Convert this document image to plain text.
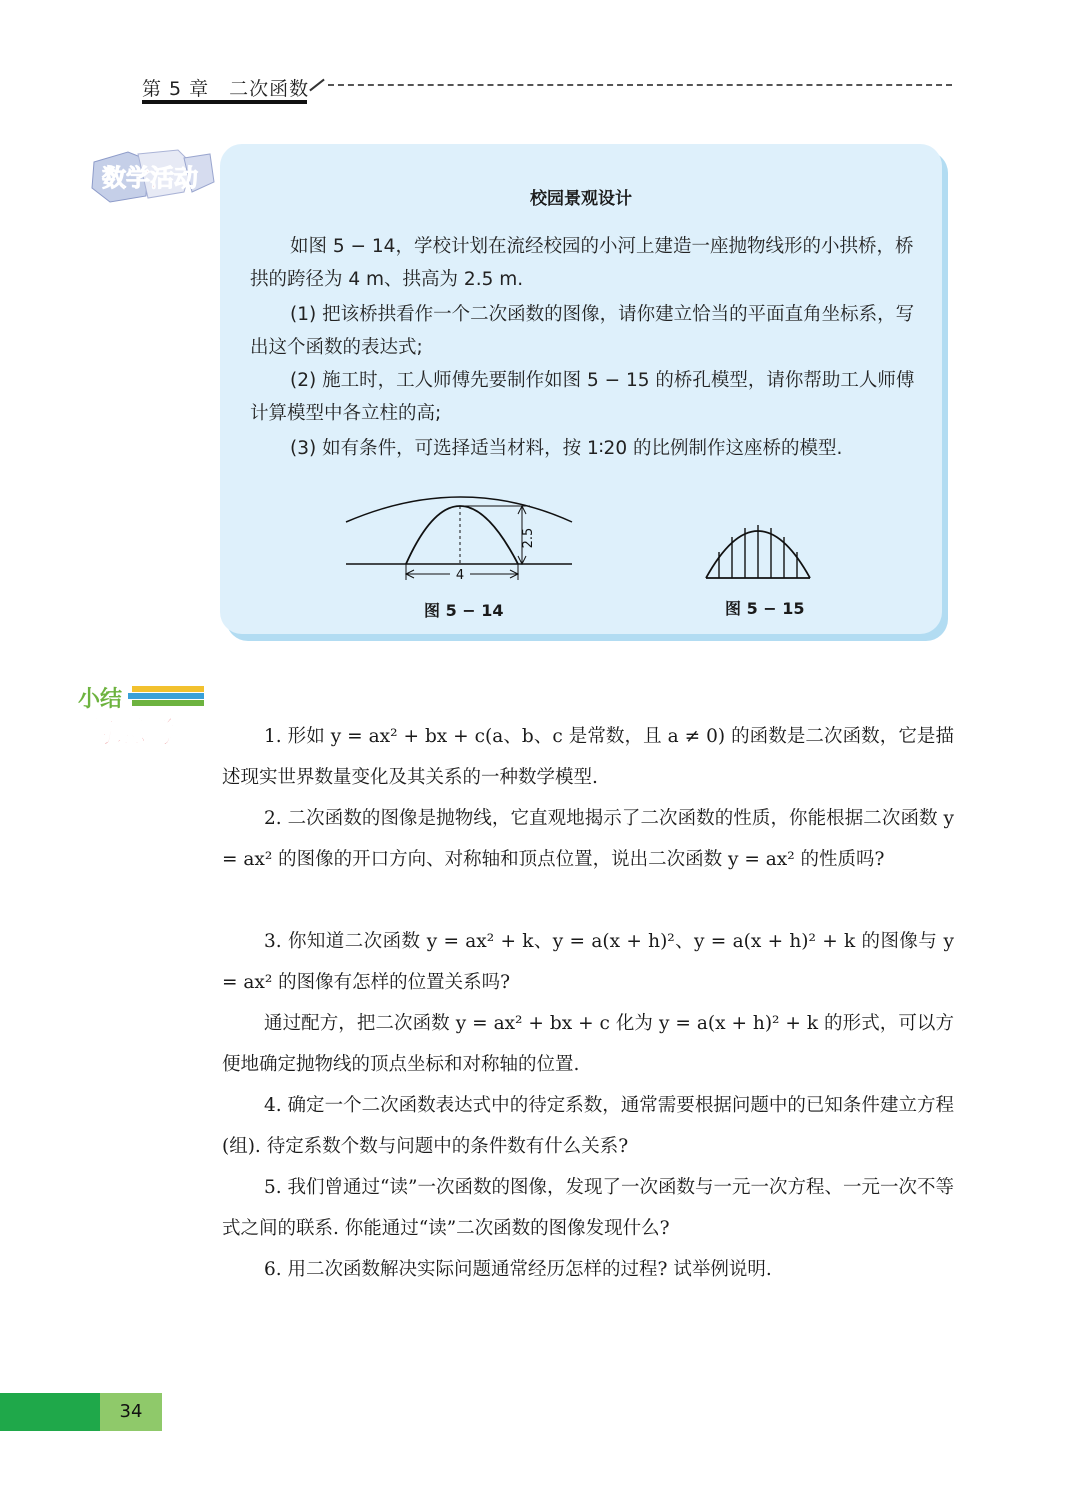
第 5 章　二次函数
数学活动
校园景观设计

如图 5 − 14，学校计划在流经校园的小河上建造一座抛物线形的小拱桥，桥拱的跨径为 4 m、拱高为 2.5 m.

(1) 把该桥拱看作一个二次函数的图像，请你建立恰当的平面直角坐标系，写出这个函数的表达式;

(2) 施工时，工人师傅先要制作如图 5 − 15 的桥孔模型，请你帮助工人师傅计算模型中各立柱的高;

(3) 如有条件，可选择适当材料，按 1∶20 的比例制作这座桥的模型.

2.5
4
图 5 − 14	图 5 − 15
小结
与思考	1. 形如 y = ax² + bx + c(a、b、c 是常数，且 a ≠ 0) 的函数是二次函数，它是描述现实世界数量变化及其关系的一种数学模型.

2. 二次函数的图像是抛物线，它直观地揭示了二次函数的性质，你能根据二次函数 y = ax² 的图像的开口方向、对称轴和顶点位置，说出二次函数 y = ax² 的性质吗?

3. 你知道二次函数 y = ax² + k、y = a(x + h)²、y = a(x + h)² + k 的图像与 y = ax² 的图像有怎样的位置关系吗?

通过配方，把二次函数 y = ax² + bx + c 化为 y = a(x + h)² + k 的形式，可以方便地确定抛物线的顶点坐标和对称轴的位置.

4. 确定一个二次函数表达式中的待定系数，通常需要根据问题中的已知条件建立方程(组). 待定系数个数与问题中的条件数有什么关系?

5. 我们曾通过“读”一次函数的图像，发现了一次函数与一元一次方程、一元一次不等式之间的联系. 你能通过“读”二次函数的图像发现什么?

6. 用二次函数解决实际问题通常经历怎样的过程? 试举例说明.

34
